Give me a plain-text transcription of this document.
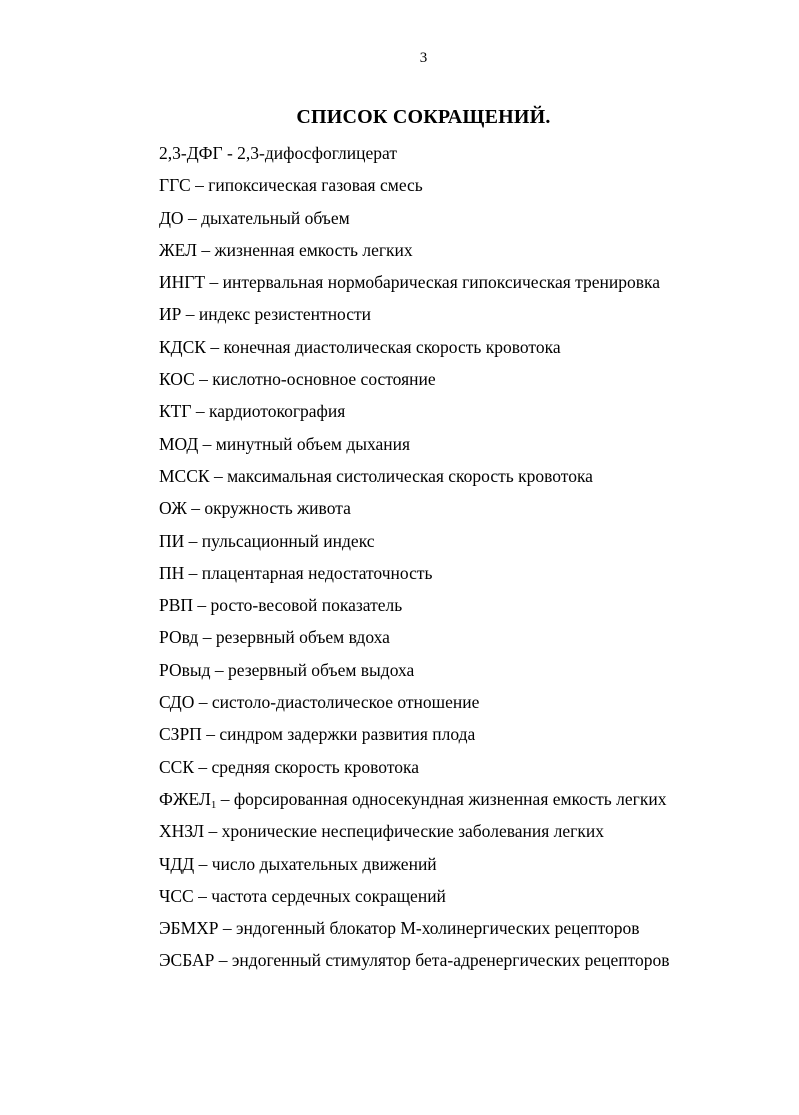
3
СПИСОК СОКРАЩЕНИЙ.
2,3-ДФГ - 2,3-дифосфоглицерат
ГГС – гипоксическая газовая смесь
ДО – дыхательный объем
ЖЕЛ – жизненная емкость легких
ИНГТ – интервальная нормобарическая гипоксическая тренировка
ИР – индекс резистентности
КДСК – конечная диастолическая скорость кровотока
КОС – кислотно-основное состояние
КТГ – кардиотокография
МОД – минутный объем дыхания
МССК – максимальная систолическая скорость кровотока
ОЖ – окружность живота
ПИ – пульсационный индекс
ПН – плацентарная недостаточность
РВП – росто-весовой показатель
РОвд – резервный объем вдоха
РОвыд – резервный объем выдоха
СДО – систоло-диастолическое отношение
СЗРП – синдром задержки развития плода
ССК – средняя скорость кровотока
$ФЖЕЛ_1$ – форсированная односекундная жизненная емкость легких
ХНЗЛ – хронические неспецифические заболевания легких
ЧДД – число дыхательных движений
ЧСС – частота сердечных сокращений
ЭБМХР – эндогенный блокатор М-холинергических рецепторов
ЭСБАР – эндогенный стимулятор бета-адренергических рецепторов
